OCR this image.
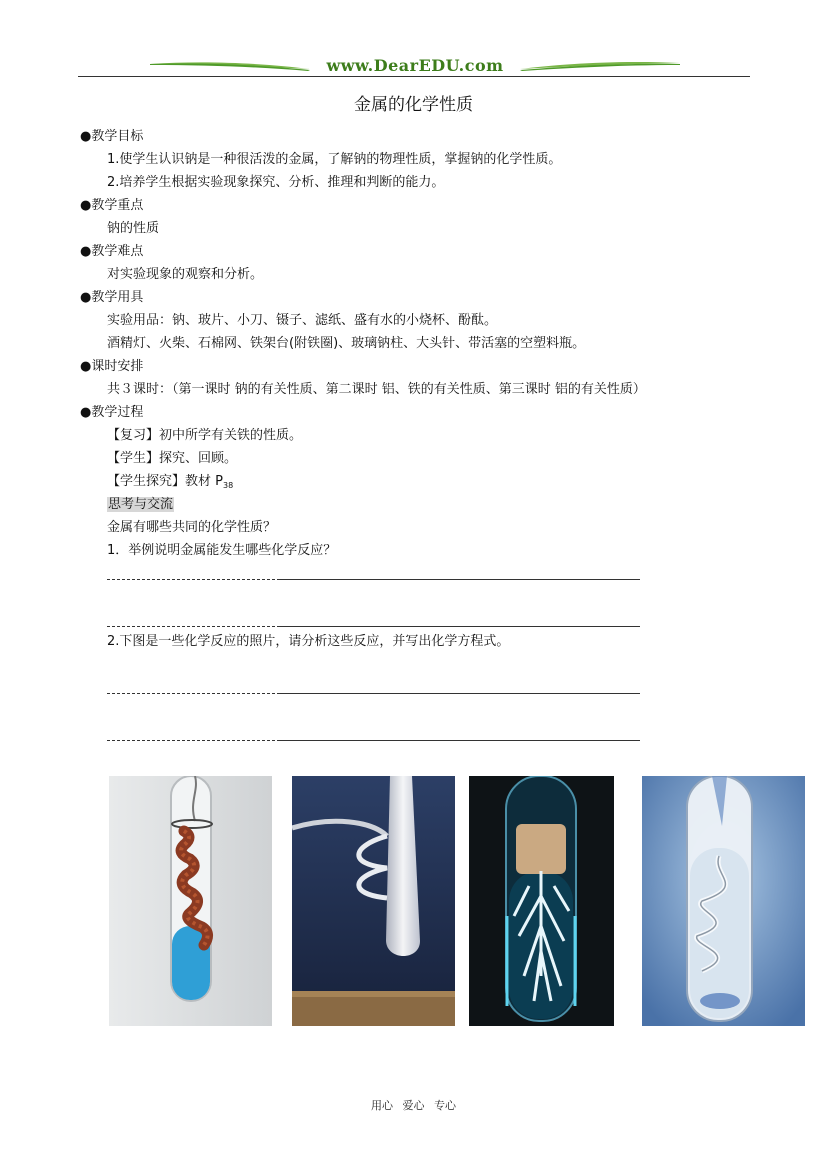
www.DearEDU.com
金属的化学性质
●教学目标
1.使学生认识钠是一种很活泼的金属，了解钠的物理性质，掌握钠的化学性质。
2.培养学生根据实验现象探究、分析、推理和判断的能力。
●教学重点
钠的性质
●教学难点
对实验现象的观察和分析。
●教学用具
实验用品：钠、玻片、小刀、镊子、滤纸、盛有水的小烧杯、酚酞。
酒精灯、火柴、石棉网、铁架台(附铁圈)、玻璃钠柱、大头针、带活塞的空塑料瓶。
●课时安排
共３课时：（第一课时 钠的有关性质、第二课时 铝、铁的有关性质、第三课时 铝的有关性质）
●教学过程
【复习】初中所学有关铁的性质。
【学生】探究、回顾。
【学生探究】教材 $P_{38}$
思考与交流
金属有哪些共同的化学性质？
1．举例说明金属能发生哪些化学反应？
2.下图是一些化学反应的照片，请分析这些反应，并写出化学方程式。
用心 爱心 专心
